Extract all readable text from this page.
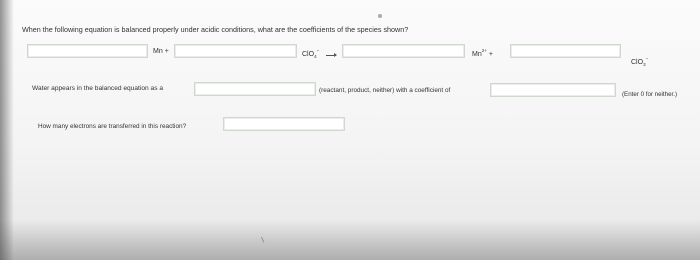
When the following equation is balanced properly under acidic conditions, what are the coefficients of the species shown?
Mn +	ClO$_4$−
$Mn^{2+}$ +
ClO$_3$−
Water appears in the balanced equation as a	(reactant, product, neither) with a coefficient of
(Enter 0 for neither.)
How many electrons are transferred in this reaction?
